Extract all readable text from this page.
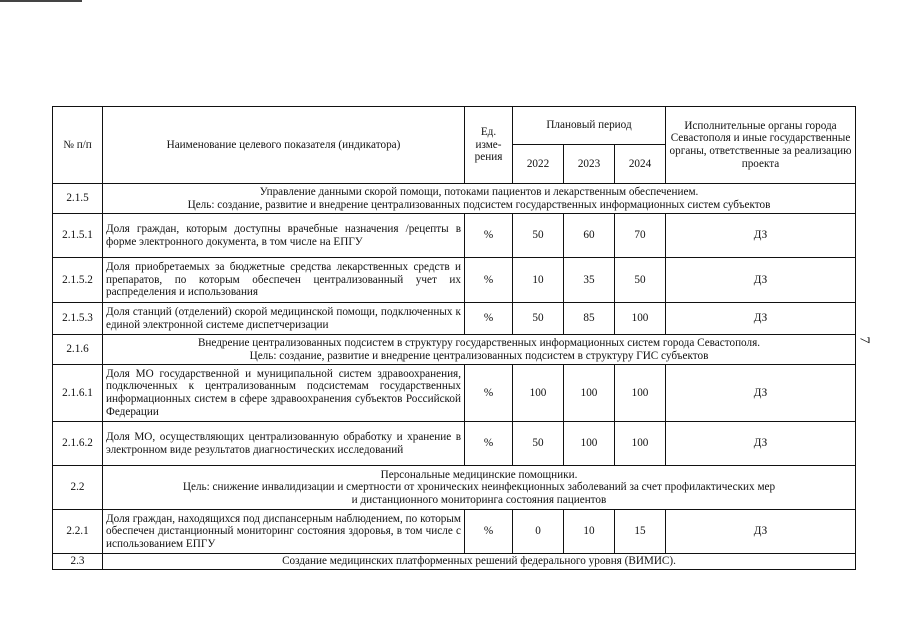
7
№ п/п	Наименование целевого показателя (индикатора)	Ед.
изме-
рения	Плановый период			Исполнительные органы города Севастополя и иные государственные органы, ответственные за реализацию проекта
			2022	2023	2024	
2.1.5	Управление данными скорой помощи, потоками пациентов и лекарственным обеспечением.
Цель: создание, развитие и внедрение централизованных подсистем государственных информационных систем субъектов					

2.1.5.1	Доля граждан, которым доступны врачебные назначения /рецепты в форме электронного документа, в том числе на ЕПГУ	%	50	60	70	ДЗ
2.1.5.2	Доля приобретаемых за бюджетные средства лекарственных средств и препаратов, по которым обеспечен централизованный учет их распределения и использования	%	10	35	50	ДЗ
2.1.5.3	Доля станций (отделений) скорой медицинской помощи, подключенных к единой электронной системе диспетчеризации	%	50	85	100	ДЗ
2.1.6	Внедрение централизованных подсистем в структуру государственных информационных систем города Севастополя.
Цель: создание, развитие и внедрение централизованных подсистем в структуру ГИС субъектов					

2.1.6.1	Доля МО государственной и муниципальной систем здравоохранения, подключенных к централизованным подсистемам государственных информационных систем в сфере здравоохранения субъектов Российской Федерации	%	100	100	100	ДЗ
2.1.6.2	Доля МО, осуществляющих централизованную обработку и хранение в электронном виде результатов диагностических исследований	%	50	100	100	ДЗ
2.2	Персональные медицинские помощники.
Цель: снижение инвалидизации и смертности от хронических неинфекционных заболеваний за счет профилактических мер
и дистанционного мониторинга состояния пациентов					

2.2.1	Доля граждан, находящихся под диспансерным наблюдением, по которым обеспечен дистанционный мониторинг состояния здоровья, в том числе с использованием ЕПГУ	%	0	10	15	ДЗ
2.3	Создание медицинских платформенных решений федерального уровня (ВИМИС).					
